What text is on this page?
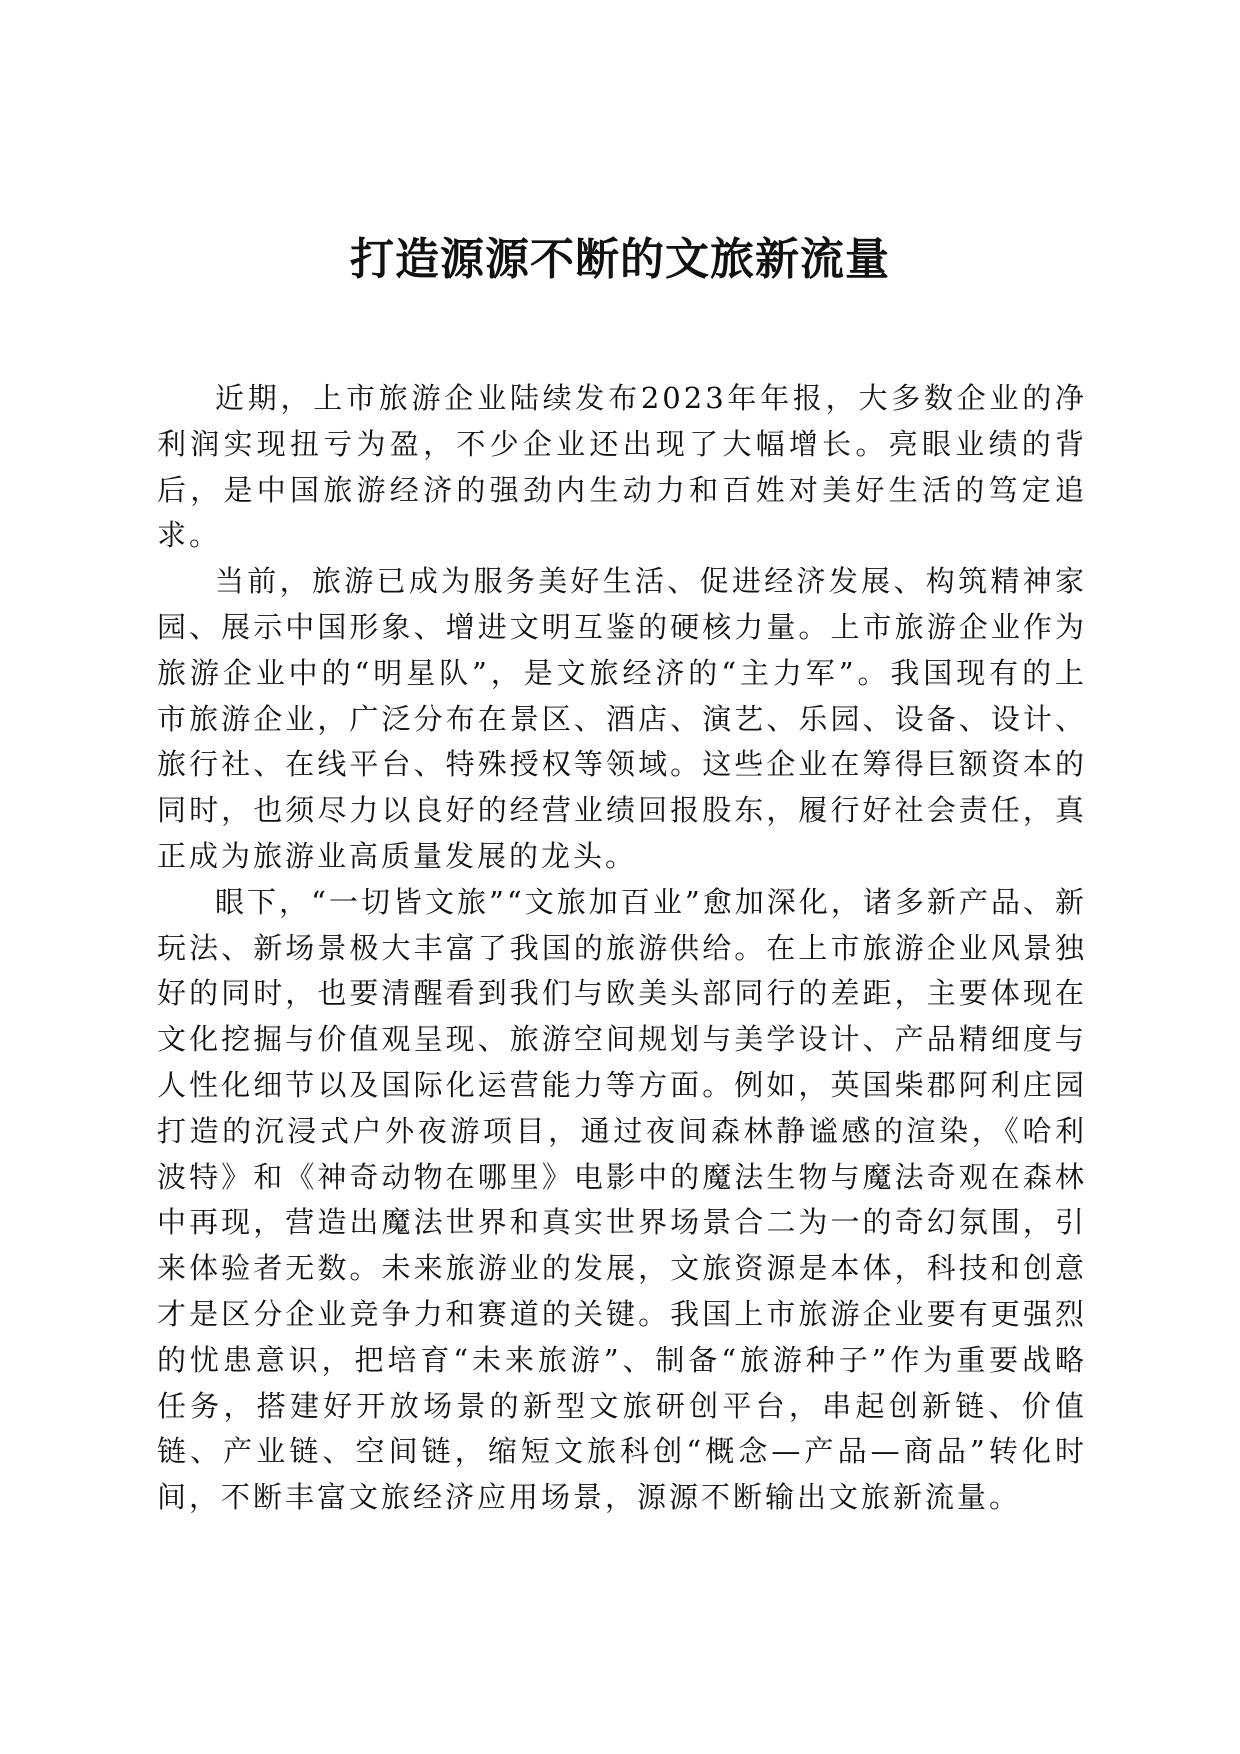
打造源源不断的文旅新流量

近期，上市旅游企业陆续发布2023年年报，大多数企业的净利润实现扭亏为盈，不少企业还出现了大幅增长。亮眼业绩的背后，是中国旅游经济的强劲内生动力和百姓对美好生活的笃定追求。

当前，旅游已成为服务美好生活、促进经济发展、构筑精神家园、展示中国形象、增进文明互鉴的硬核力量。上市旅游企业作为旅游企业中的“明星队”，是文旅经济的“主力军”。我国现有的上市旅游企业，广泛分布在景区、酒店、演艺、乐园、设备、设计、旅行社、在线平台、特殊授权等领域。这些企业在筹得巨额资本的同时，也须尽力以良好的经营业绩回报股东，履行好社会责任，真正成为旅游业高质量发展的龙头。

眼下，“一切皆文旅”“文旅加百业”愈加深化，诸多新产品、新玩法、新场景极大丰富了我国的旅游供给。在上市旅游企业风景独好的同时，也要清醒看到我们与欧美头部同行的差距，主要体现在文化挖掘与价值观呈现、旅游空间规划与美学设计、产品精细度与人性化细节以及国际化运营能力等方面。例如，英国柴郡阿利庄园打造的沉浸式户外夜游项目，通过夜间森林静谧感的渲染，《哈利波特》和《神奇动物在哪里》电影中的魔法生物与魔法奇观在森林中再现，营造出魔法世界和真实世界场景合二为一的奇幻氛围，引来体验者无数。未来旅游业的发展，文旅资源是本体，科技和创意才是区分企业竞争力和赛道的关键。我国上市旅游企业要有更强烈的忧患意识，把培育“未来旅游”、制备“旅游种子”作为重要战略任务，搭建好开放场景的新型文旅研创平台，串起创新链、价值链、产业链、空间链，缩短文旅科创“概念—产品—商品”转化时间，不断丰富文旅经济应用场景，源源不断输出文旅新流量。
